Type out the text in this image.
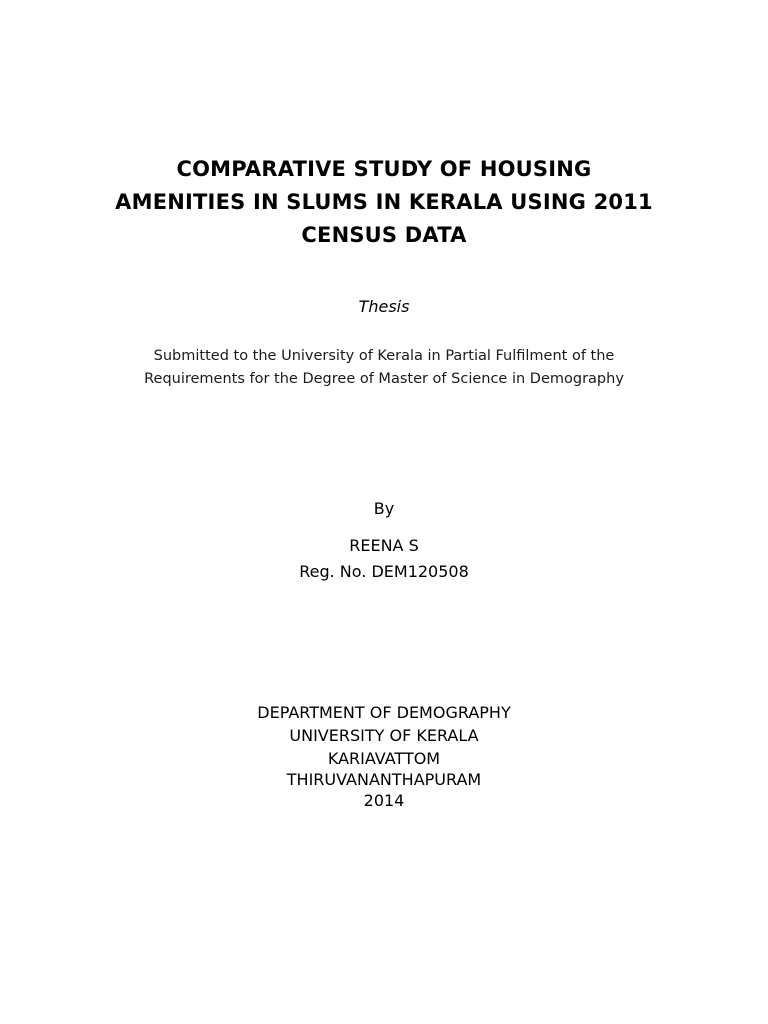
COMPARATIVE STUDY OF HOUSING
AMENITIES IN SLUMS IN KERALA USING 2011
CENSUS DATA
Thesis
Submitted to the University of Kerala in Partial Fulfilment of the
Requirements for the Degree of Master of Science in Demography
By
REENA S
Reg. No. DEM120508
DEPARTMENT OF DEMOGRAPHY
UNIVERSITY OF KERALA
KARIAVATTOM
THIRUVANANTHAPURAM
2014
